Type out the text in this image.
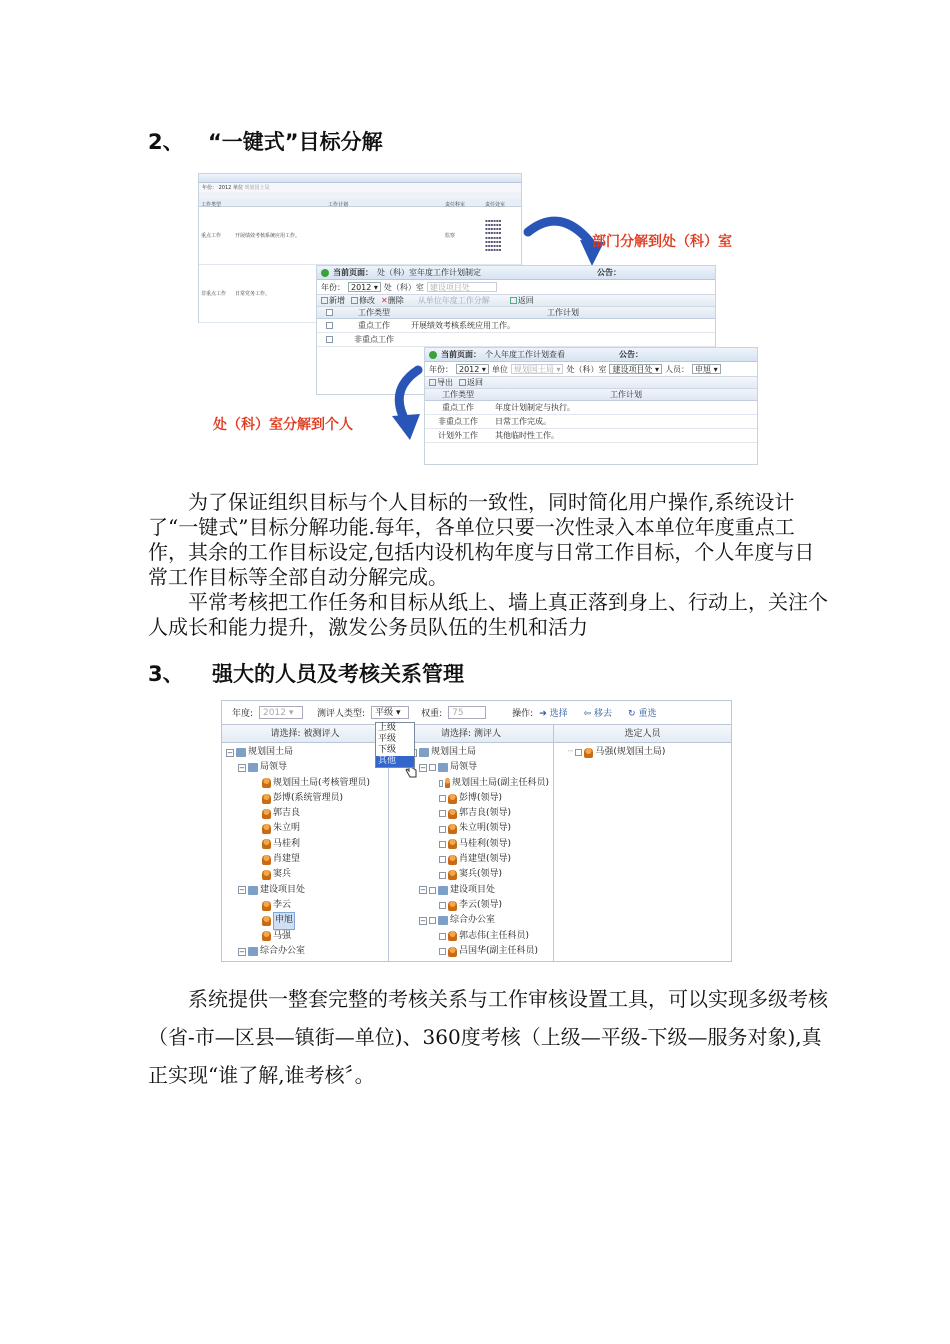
2、 “一键式”目标分解
年份： 2012 单位 规划国土局
工作类型	工作计划	责任科室	责任处室
重点工作	开展绩效考核系统应用工作。	监察
▪▪▪▪▪▪
▪▪▪▪▪▪
▪▪▪▪▪▪
▪▪▪▪▪▪
▪▪▪▪▪▪
▪▪▪▪▪▪
▪▪▪▪▪▪
▪▪▪▪▪▪
非重点工作	日常党务工作。
部门分解到处（科）室
当前页面： 处（科）室年度工作计划制定	公告：
年份： 2012 ▾ 处（科）室 建设项目处
新增	修改 ✕删除 从单位年度工作分解	返回
工作类型	工作计划
重点工作	开展绩效考核系统应用工作。
非重点工作
当前页面： 个人年度工作计划查看	公告：
年份： 2012 ▾ 单位 规划国土局 ▾ 处（科）室 建设项目处 ▾ 人员： 申旭 ▾
导出	返回
工作类型	工作计划
重点工作	年度计划制定与执行。
非重点工作	日常工作完成。
计划外工作	其他临时性工作。
处（科）室分解到个人

为了保证组织目标与个人目标的一致性，同时简化用户操作,系统设计了“一键式”目标分解功能.每年，各单位只要一次性录入本单位年度重点工作，其余的工作目标设定,包括内设机构年度与日常工作目标，个人年度与日常工作目标等全部自动分解完成。

平常考核把工作任务和目标从纸上、墙上真正落到身上、行动上，关注个人成长和能力提升，激发公务员队伍的生机和活力

3、 强大的人员及考核关系管理
年度:	2012 ▾	测评人类型:	平级 ▾	权重:	75	操作: ➔ 选择 ⇦ 移去 ↻ 重选
请选择: 被测评人
− 规划国土局
− 局领导
规划国土局(考核管理员)
彭博(系统管理员)
郭吉良
朱立明
马桂利
肖建望
窦兵
− 建设项目处
李云
申旭
马强
− 综合办公室
请选择: 测评人
规划国土局
−	局领导
规划国土局(副主任科员)
彭博(领导)
郭吉良(领导)
朱立明(领导)
马桂利(领导)
肖建望(领导)
窦兵(领导)
−	建设项目处
李云(领导)
−	综合办公室
郭志伟(主任科员)
吕国华(副主任科员)
选定人员
┈ 马强(规划国土局)
上级
平级
下级
其他

系统提供一整套完整的考核关系与工作审核设置工具，可以实现多级考核（省-市—区县—镇街—单位)、360度考核（上级—平级-下级—服务对象),真正实现“谁了解,谁考核〞。
